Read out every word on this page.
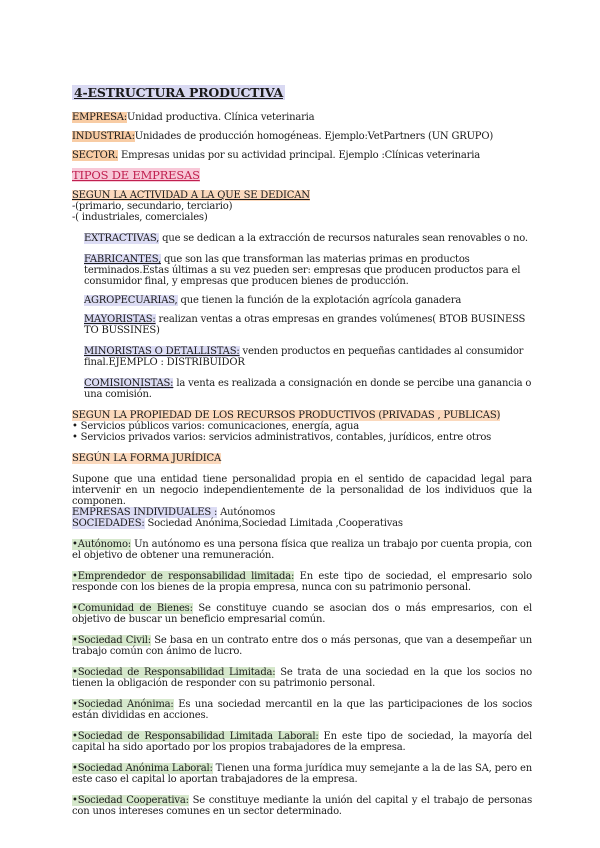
4-ESTRUCTURA PRODUCTIVA

EMPRESA:Unidad productiva. Clínica veterinaria

INDUSTRIA:Unidades de producción homogéneas. Ejemplo:VetPartners (UN GRUPO)

SECTOR. Empresas unidas por su actividad principal. Ejemplo :Clínicas veterinaria

TIPOS DE EMPRESAS

SEGUN LA ACTIVIDAD A LA QUE SE DEDICAN

-(primario, secundario, terciario)

-( industriales, comerciales)

EXTRACTIVAS, que se dedican a la extracción de recursos naturales sean renovables o no.

FABRICANTES, que son las que transforman las materias primas en productos terminados.Estas últimas a su vez pueden ser: empresas que producen productos para el consumidor final, y empresas que producen bienes de producción.

AGROPECUARIAS, que tienen la función de la explotación agrícola ganadera

MAYORISTAS: realizan ventas a otras empresas en grandes volúmenes( BTOB BUSINESS TO BUSSINES)

MINORISTAS O DETALLISTAS: venden productos en pequeñas cantidades al consumidor final.EJEMPLO : DISTRIBUIDOR

COMISIONISTAS: la venta es realizada a consignación en donde se percibe una ganancia o una comisión.

SEGUN LA PROPIEDAD DE LOS RECURSOS PRODUCTIVOS (PRIVADAS , PUBLICAS)

• Servicios públicos varios: comunicaciones, energía, agua

• Servicios privados varios: servicios administrativos, contables, jurídicos, entre otros

SEGÚN LA FORMA JURÍDICA

Supone que una entidad tiene personalidad propia en el sentido de capacidad legal para intervenir en un negocio independientemente de la personalidad de los individuos que la componen.

EMPRESAS INDIVIDUALES : Autónomos

SOCIEDADES: Sociedad Anónima,Sociedad Limitada ,Cooperativas

•Autónomo: Un autónomo es una persona física que realiza un trabajo por cuenta propia, con el objetivo de obtener una remuneración.

•Emprendedor de responsabilidad limitada: En este tipo de sociedad, el empresario solo responde con los bienes de la propia empresa, nunca con su patrimonio personal.

•Comunidad de Bienes: Se constituye cuando se asocian dos o más empresarios, con el objetivo de buscar un beneficio empresarial común.

•Sociedad Civil: Se basa en un contrato entre dos o más personas, que van a desempeñar un trabajo común con ánimo de lucro.

•Sociedad de Responsabilidad Limitada: Se trata de una sociedad en la que los socios no tienen la obligación de responder con su patrimonio personal.

•Sociedad Anónima: Es una sociedad mercantil en la que las participaciones de los socios están divididas en acciones.

•Sociedad de Responsabilidad Limitada Laboral: En este tipo de sociedad, la mayoría del capital ha sido aportado por los propios trabajadores de la empresa.

•Sociedad Anónima Laboral: Tienen una forma jurídica muy semejante a la de las SA, pero en este caso el capital lo aportan trabajadores de la empresa.

•Sociedad Cooperativa: Se constituye mediante la unión del capital y el trabajo de personas con unos intereses comunes en un sector determinado.
